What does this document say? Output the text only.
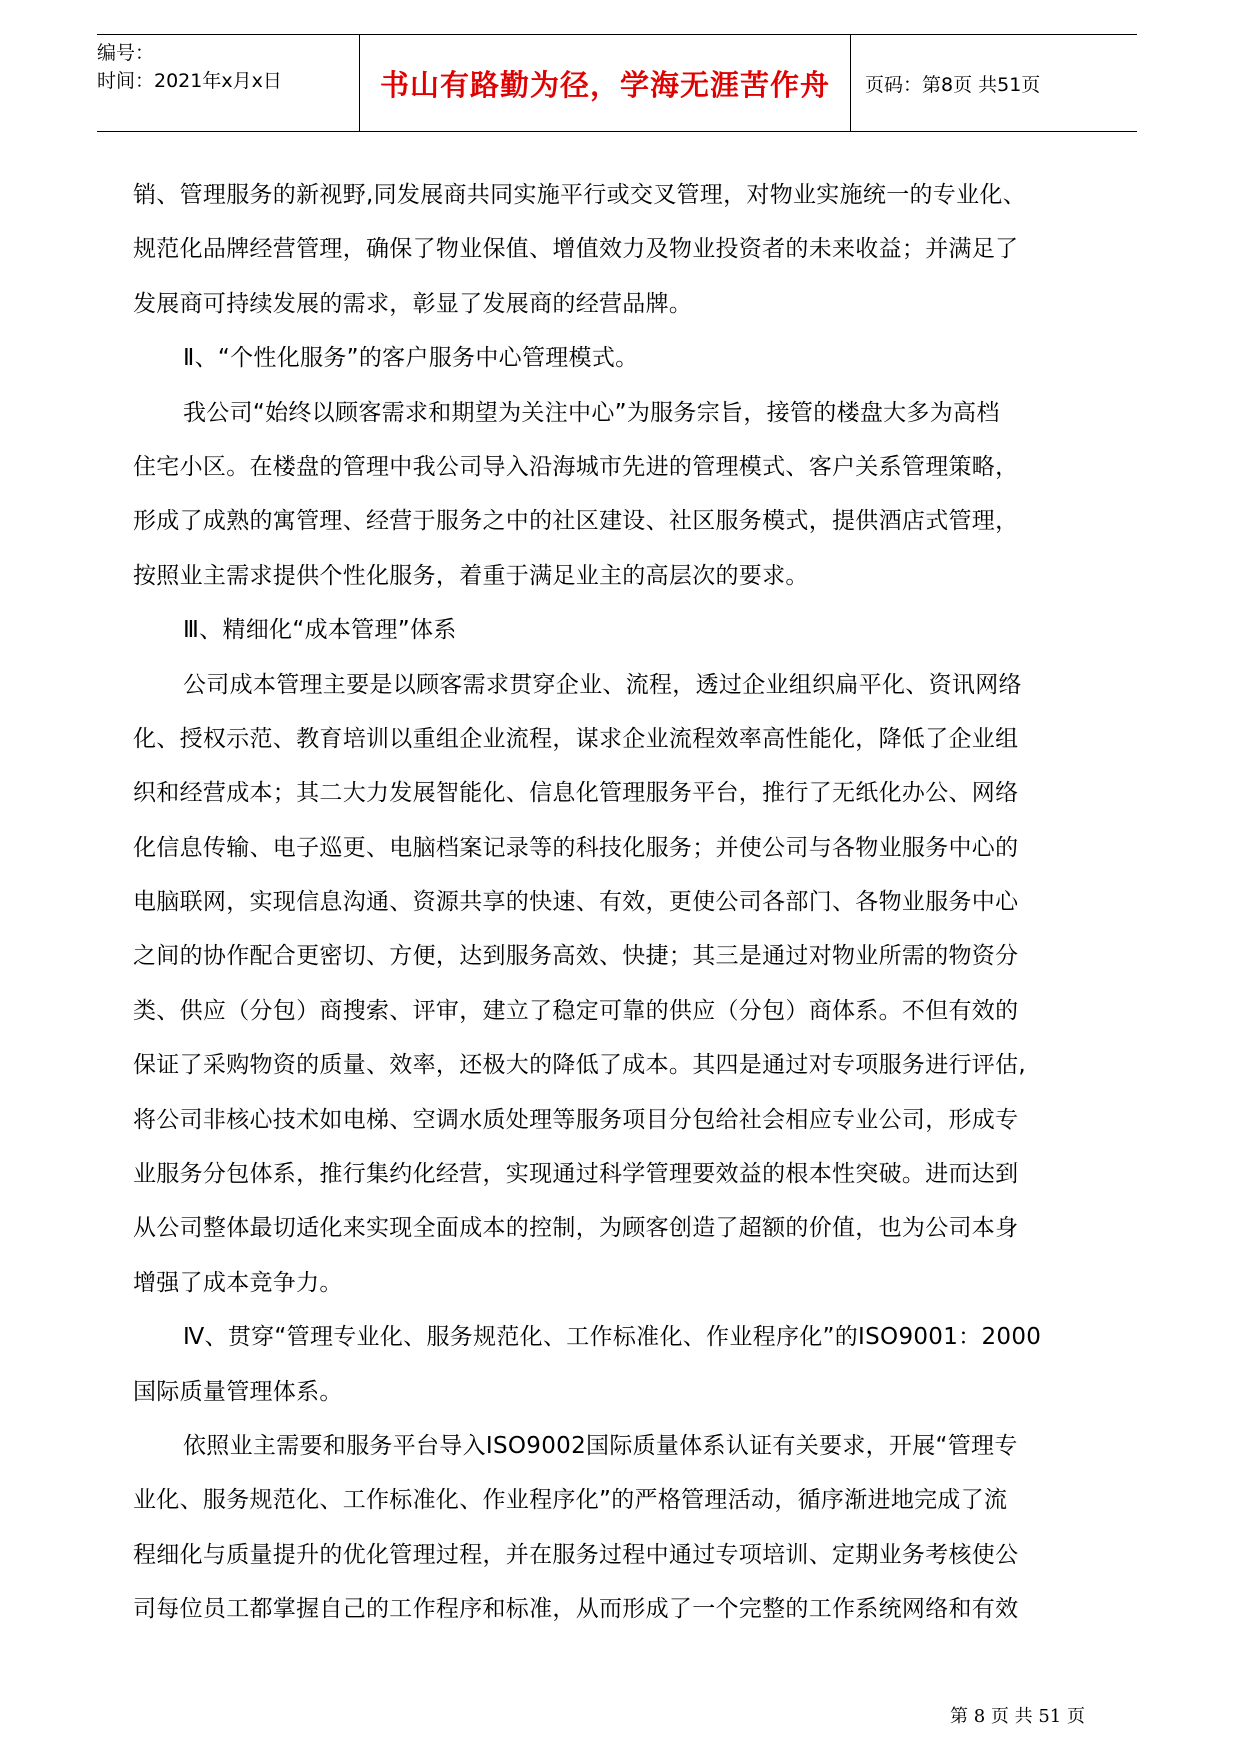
编号：
时间：2021年x月x日	书山有路勤为径，学海无涯苦作舟 页码：第8页 共51页
销、管理服务的新视野,同发展商共同实施平行或交叉管理，对物业实施统一的专业化、
规范化品牌经营管理，确保了物业保值、增值效力及物业投资者的未来收益；并满足了
发展商可持续发展的需求，彰显了发展商的经营品牌。
Ⅱ、“个性化服务”的客户服务中心管理模式。
我公司“始终以顾客需求和期望为关注中心”为服务宗旨，接管的楼盘大多为高档
住宅小区。在楼盘的管理中我公司导入沿海城市先进的管理模式、客户关系管理策略，
形成了成熟的寓管理、经营于服务之中的社区建设、社区服务模式，提供酒店式管理，
按照业主需求提供个性化服务，着重于满足业主的高层次的要求。
Ⅲ、精细化“成本管理”体系
公司成本管理主要是以顾客需求贯穿企业、流程，透过企业组织扁平化、资讯网络
化、授权示范、教育培训以重组企业流程，谋求企业流程效率高性能化，降低了企业组
织和经营成本；其二大力发展智能化、信息化管理服务平台，推行了无纸化办公、网络
化信息传输、电子巡更、电脑档案记录等的科技化服务；并使公司与各物业服务中心的
电脑联网，实现信息沟通、资源共享的快速、有效，更使公司各部门、各物业服务中心
之间的协作配合更密切、方便，达到服务高效、快捷；其三是通过对物业所需的物资分
类、供应（分包）商搜索、评审，建立了稳定可靠的供应（分包）商体系。不但有效的
保证了采购物资的质量、效率，还极大的降低了成本。其四是通过对专项服务进行评估,
将公司非核心技术如电梯、空调水质处理等服务项目分包给社会相应专业公司，形成专
业服务分包体系，推行集约化经营，实现通过科学管理要效益的根本性突破。进而达到
从公司整体最切适化来实现全面成本的控制，为顾客创造了超额的价值，也为公司本身
增强了成本竞争力。
Ⅳ、贯穿“管理专业化、服务规范化、工作标准化、作业程序化”的ISO9001：2000
国际质量管理体系。
依照业主需要和服务平台导入ISO9002国际质量体系认证有关要求，开展“管理专
业化、服务规范化、工作标准化、作业程序化”的严格管理活动，循序渐进地完成了流
程细化与质量提升的优化管理过程，并在服务过程中通过专项培训、定期业务考核使公
司每位员工都掌握自己的工作程序和标准，从而形成了一个完整的工作系统网络和有效
第 8 页 共 51 页
